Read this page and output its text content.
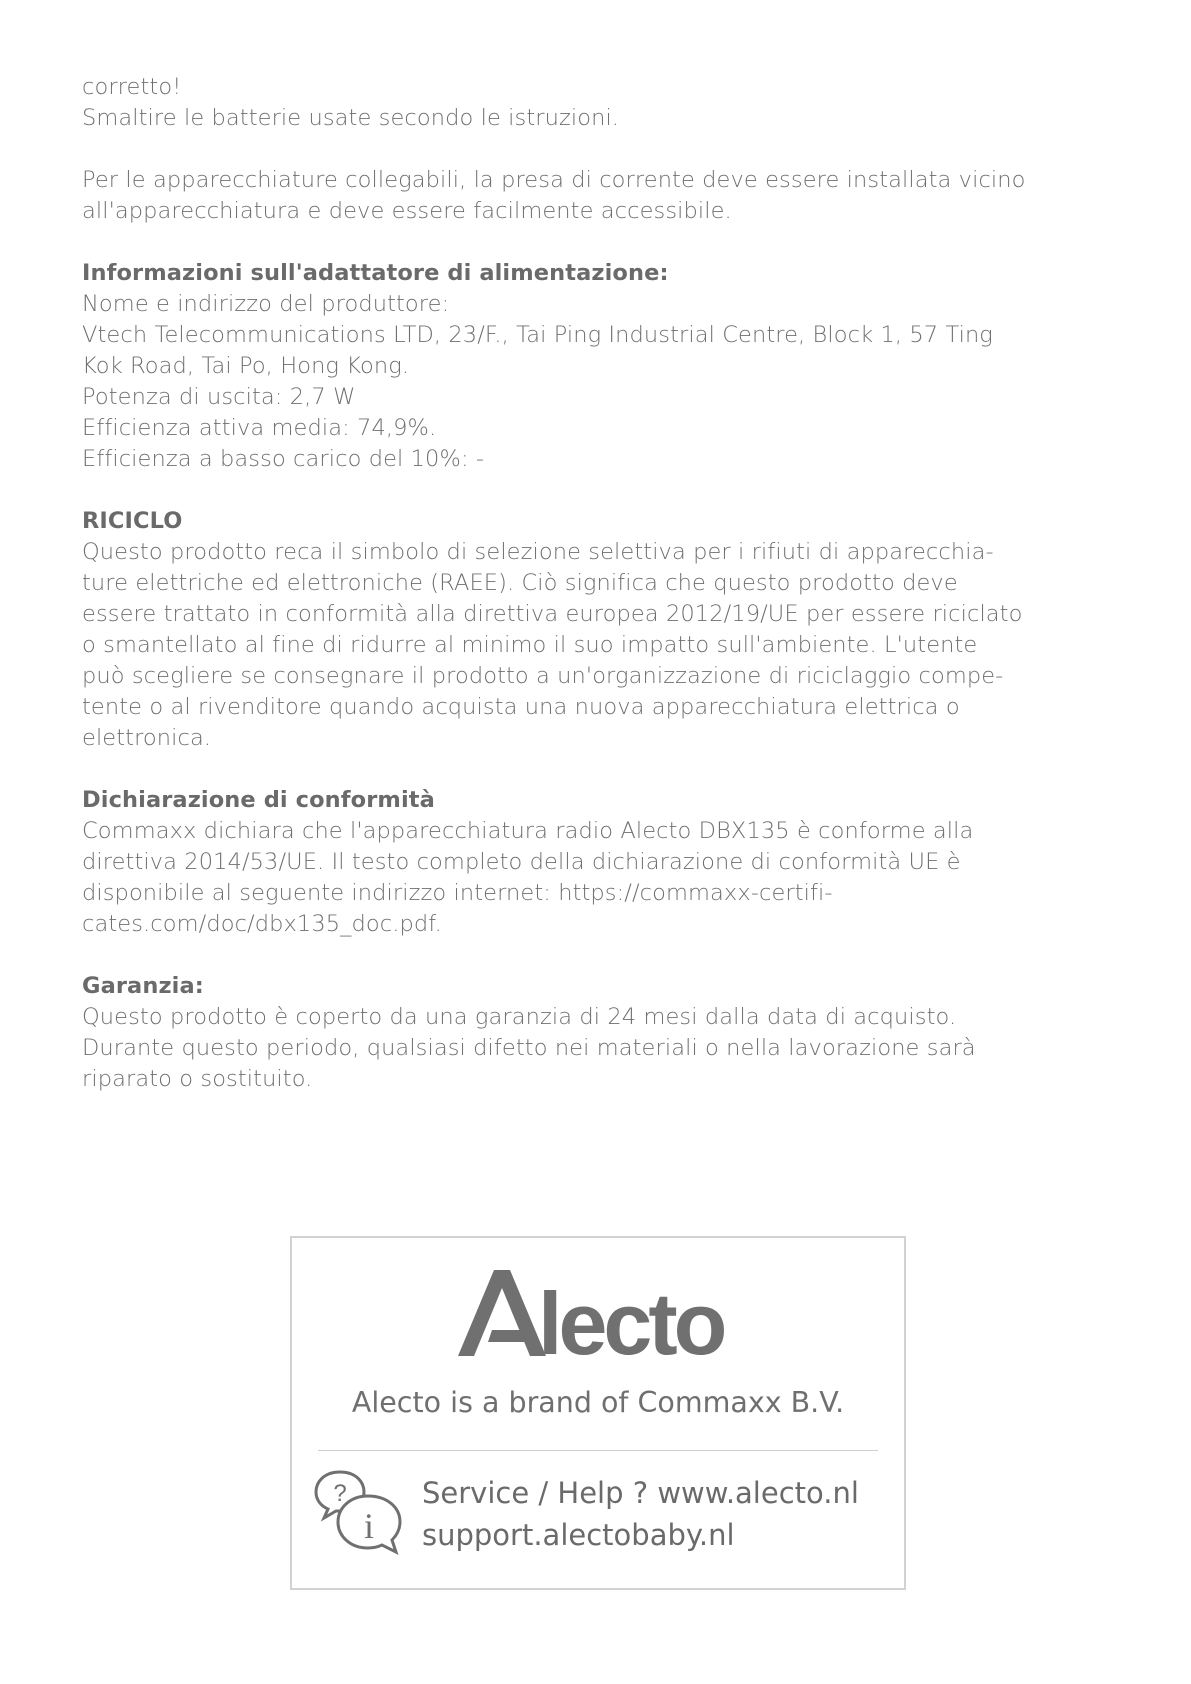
corretto!
Smaltire le batterie usate secondo le istruzioni.

Per le apparecchiature collegabili, la presa di corrente deve essere installata vicino
all'apparecchiatura e deve essere facilmente accessibile.

Informazioni sull'adattatore di alimentazione:
Nome e indirizzo del produttore:
Vtech Telecommunications LTD, 23/F., Tai Ping Industrial Centre, Block 1, 57 Ting
Kok Road, Tai Po, Hong Kong.
Potenza di uscita: 2,7 W
Efficienza attiva media: 74,9%.
Efficienza a basso carico del 10%: -

RICICLO
Questo prodotto reca il simbolo di selezione selettiva per i rifiuti di apparecchia-
ture elettriche ed elettroniche (RAEE). Ciò significa che questo prodotto deve
essere trattato in conformità alla direttiva europea 2012/19/UE per essere riciclato
o smantellato al fine di ridurre al minimo il suo impatto sull'ambiente. L'utente
può scegliere se consegnare il prodotto a un'organizzazione di riciclaggio compe-
tente o al rivenditore quando acquista una nuova apparecchiatura elettrica o
elettronica.

Dichiarazione di conformità
Commaxx dichiara che l'apparecchiatura radio Alecto DBX135 è conforme alla
direttiva 2014/53/UE. Il testo completo della dichiarazione di conformità UE è
disponibile al seguente indirizzo internet: https://commaxx-certifi-
cates.com/doc/dbx135_doc.pdf.

Garanzia:
Questo prodotto è coperto da una garanzia di 24 mesi dalla data di acquisto.
Durante questo periodo, qualsiasi difetto nei materiali o nella lavorazione sarà
riparato o sostituito.

lecto
Alecto is a brand of Commaxx B.V.
?
i
Service / Help ? www.alecto.nl
support.alectobaby.nl
